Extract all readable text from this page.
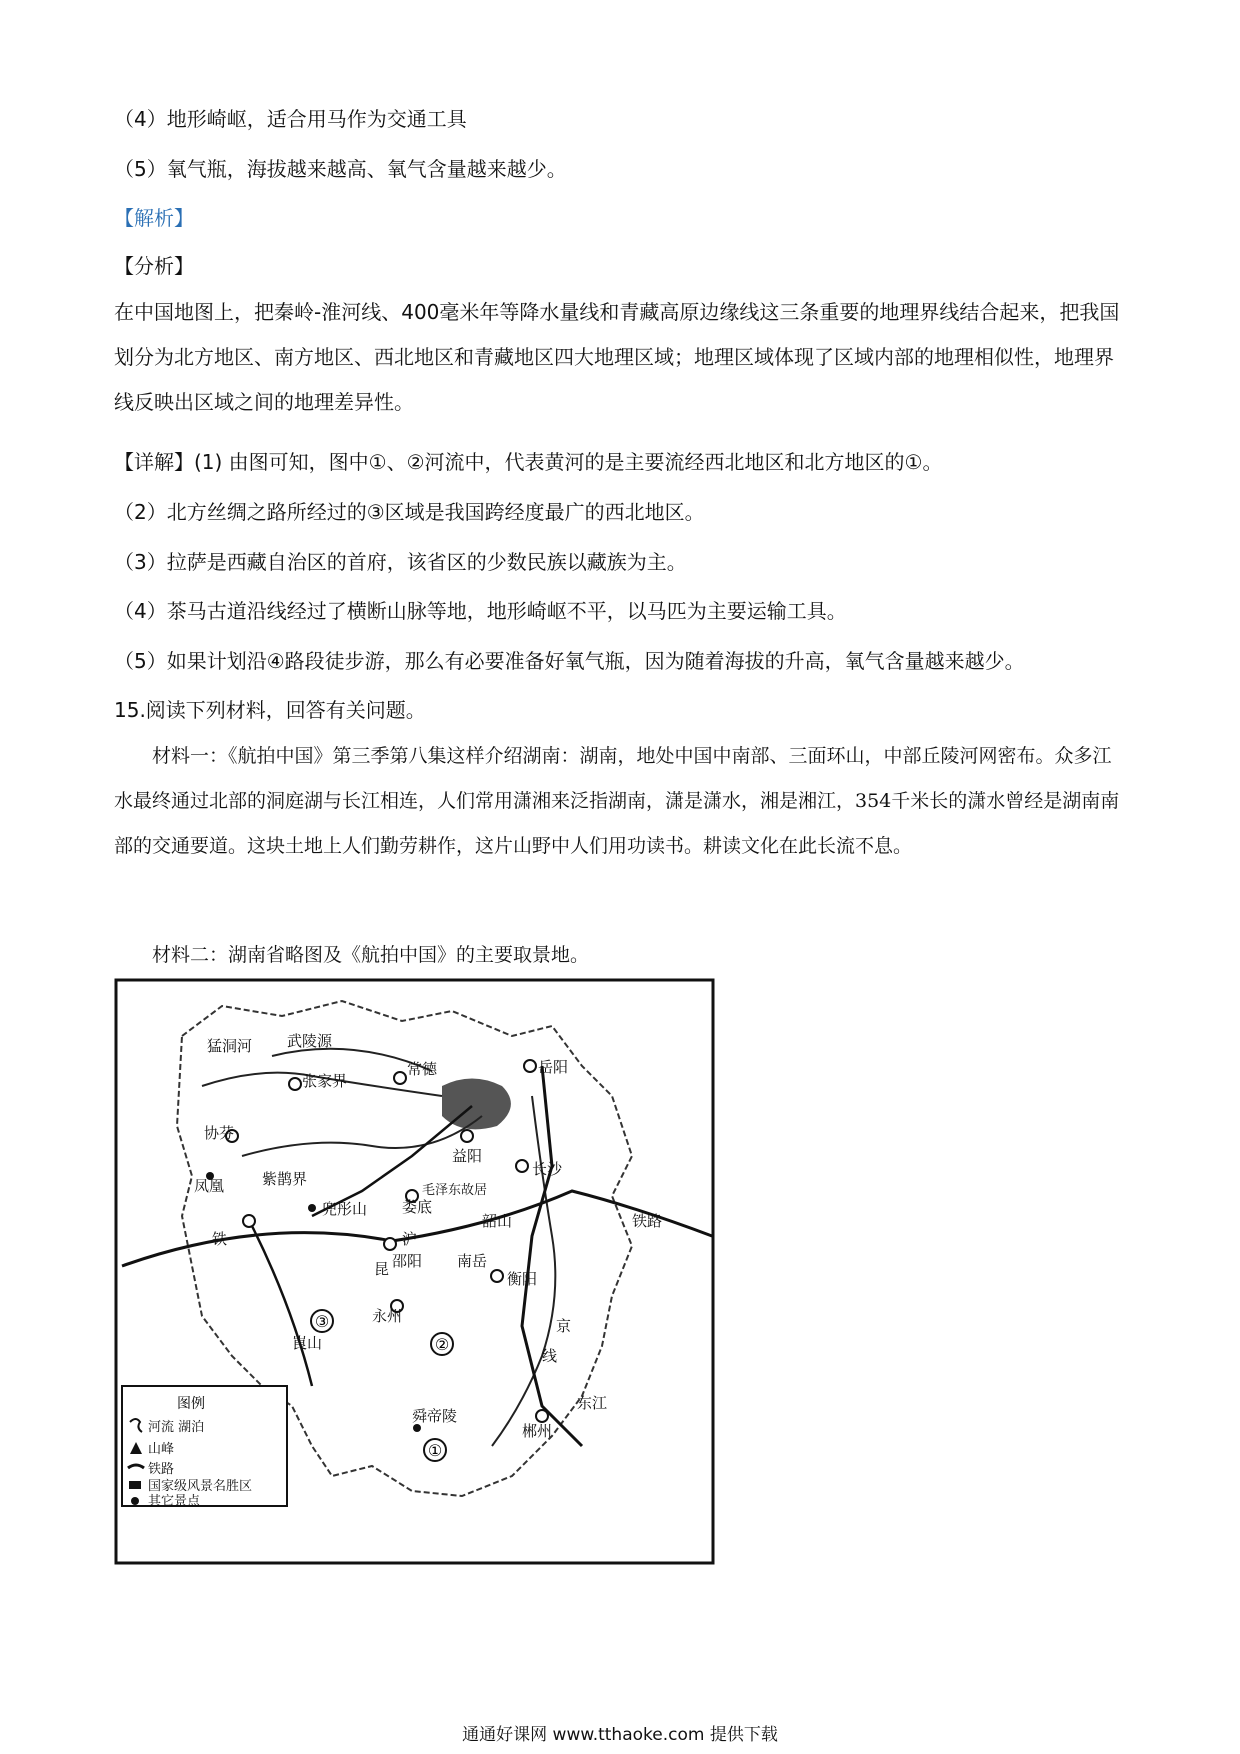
（4）地形崎岖，适合用马作为交通工具
（5）氧气瓶，海拔越来越高、氧气含量越来越少。
【解析】
【分析】
在中国地图上，把秦岭-淮河线、400毫米年等降水量线和青藏高原边缘线这三条重要的地理界线结合起来，把我国划分为北方地区、南方地区、西北地区和青藏地区四大地理区域；地理区域体现了区域内部的地理相似性，地理界线反映出区域之间的地理差异性。
【详解】(1) 由图可知，图中①、②河流中，代表黄河的是主要流经西北地区和北方地区的①。
（2）北方丝绸之路所经过的③区域是我国跨经度最广的西北地区。
（3）拉萨是西藏自治区的首府，该省区的少数民族以藏族为主。
（4）茶马古道沿线经过了横断山脉等地，地形崎岖不平，以马匹为主要运输工具。
（5）如果计划沿④路段徒步游，那么有必要准备好氧气瓶，因为随着海拔的升高，氧气含量越来越少。
15.阅读下列材料，回答有关问题。
材料一：《航拍中国》第三季第八集这样介绍湖南：湖南，地处中国中南部、三面环山，中部丘陵河网密布。众多江水最终通过北部的洞庭湖与长江相连，人们常用潇湘来泛指湖南，潇是潇水，湘是湘江，354千米长的潇水曾经是湖南南部的交通要道。这块土地上人们勤劳耕作，这片山野中人们用功读书。耕读文化在此长流不息。
材料二：湖南省略图及《航拍中国》的主要取景地。
③
②
①
猛洞河 武陵源
张家界
常德	岳阳
协芬
益阳
长沙
凤凰	紫鹊界
娄底
韶山
毛泽东故居
兜彤山
邵阳 南岳
衡阳
永州
崀山
郴州
东江
舜帝陵
线
沪
铁
昆
京
铁路
图例
河流 湖泊
山峰
铁路
国家级风景名胜区
其它景点
通通好课网 www.tthaoke.com 提供下载
